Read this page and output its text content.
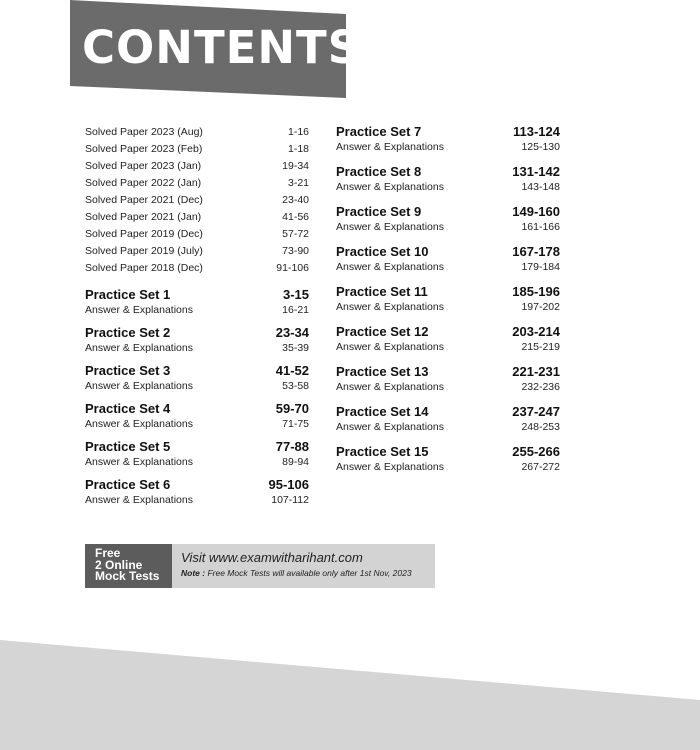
CONTENTS
Solved Paper 2023 (Aug)	1-16
Solved Paper 2023 (Feb)	1-18
Solved Paper 2023 (Jan)	19-34
Solved Paper 2022 (Jan)	3-21
Solved Paper 2021 (Dec)	23-40
Solved Paper 2021 (Jan)	41-56
Solved Paper 2019 (Dec)	57-72
Solved Paper 2019 (July)	73-90
Solved Paper 2018 (Dec)	91-106
Practice Set 1	3-15
Answer & Explanations	16-21
Practice Set 2	23-34
Answer & Explanations	35-39
Practice Set 3	41-52
Answer & Explanations	53-58
Practice Set 4	59-70
Answer & Explanations	71-75
Practice Set 5	77-88
Answer & Explanations	89-94
Practice Set 6	95-106
Answer & Explanations	107-112
Practice Set 7	113-124
Answer & Explanations	125-130
Practice Set 8	131-142
Answer & Explanations	143-148
Practice Set 9	149-160
Answer & Explanations	161-166
Practice Set 10	167-178
Answer & Explanations	179-184
Practice Set 11	185-196
Answer & Explanations	197-202
Practice Set 12	203-214
Answer & Explanations	215-219
Practice Set 13	221-231
Answer & Explanations	232-236
Practice Set 14	237-247
Answer & Explanations	248-253
Practice Set 15	255-266
Answer & Explanations	267-272
Free
2 Online
Mock Tests
Visit www.examwitharihant.com
Note : Free Mock Tests will available only after 1st Nov, 2023
